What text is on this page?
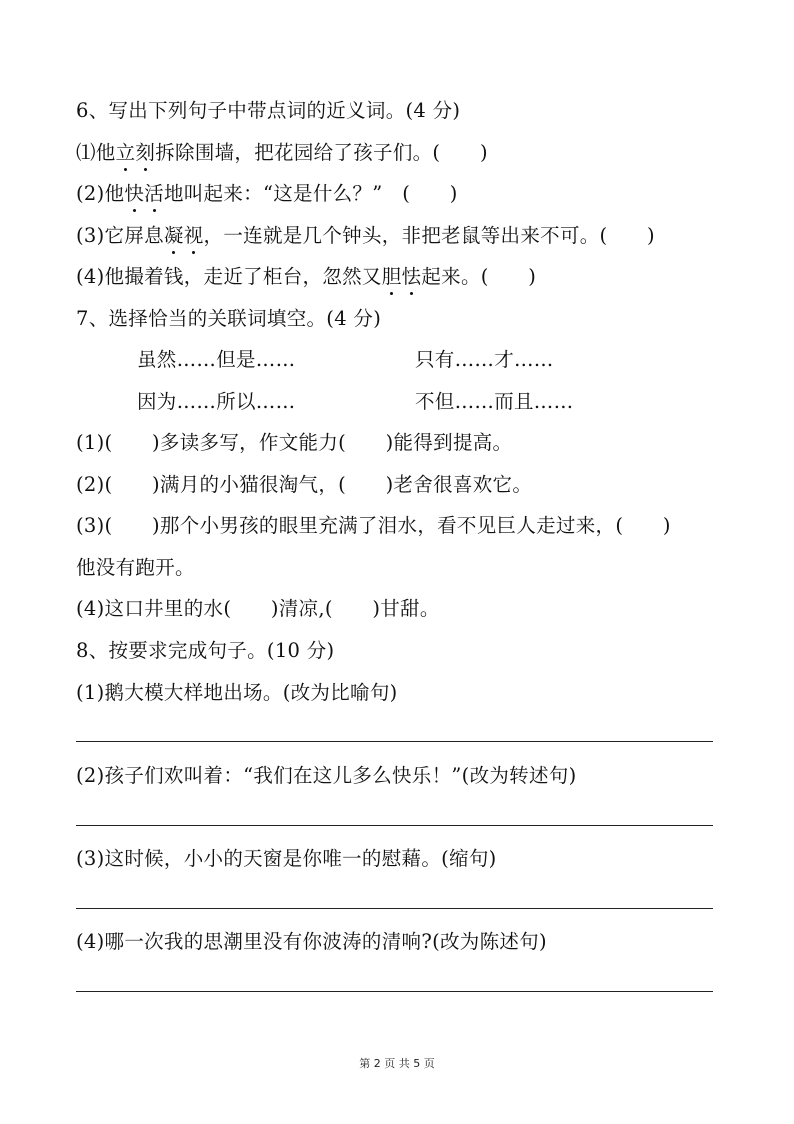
6、写出下列句子中带点词的近义词。(4 分)
⑴他立刻拆除围墙，把花园给了孩子们。(　　)
(2)他快活地叫起来：“这是什么？”　(　　)
(3)它屏息凝视，一连就是几个钟头，非把老鼠等出来不可。(　　)
(4)他撮着钱，走近了柜台，忽然又胆怯起来。(　　)
7、选择恰当的关联词填空。(4 分)
虽然……但是……	只有……才……
因为……所以……	不但……而且……
(1)(　　)多读多写，作文能力(　　)能得到提高。
(2)(　　)满月的小猫很淘气，(　　)老舍很喜欢它。
(3)(　　)那个小男孩的眼里充满了泪水，看不见巨人走过来，(　　)
他没有跑开。
(4)这口井里的水(　　)清凉,(　　)甘甜。
8、按要求完成句子。(10 分)
(1)鹅大模大样地出场。(改为比喻句)
(2)孩子们欢叫着：“我们在这儿多么快乐！”(改为转述句)
(3)这时候，小小的天窗是你唯一的慰藉。(缩句)
(4)哪一次我的思潮里没有你波涛的清响?(改为陈述句)
第 2 页 共 5 页
